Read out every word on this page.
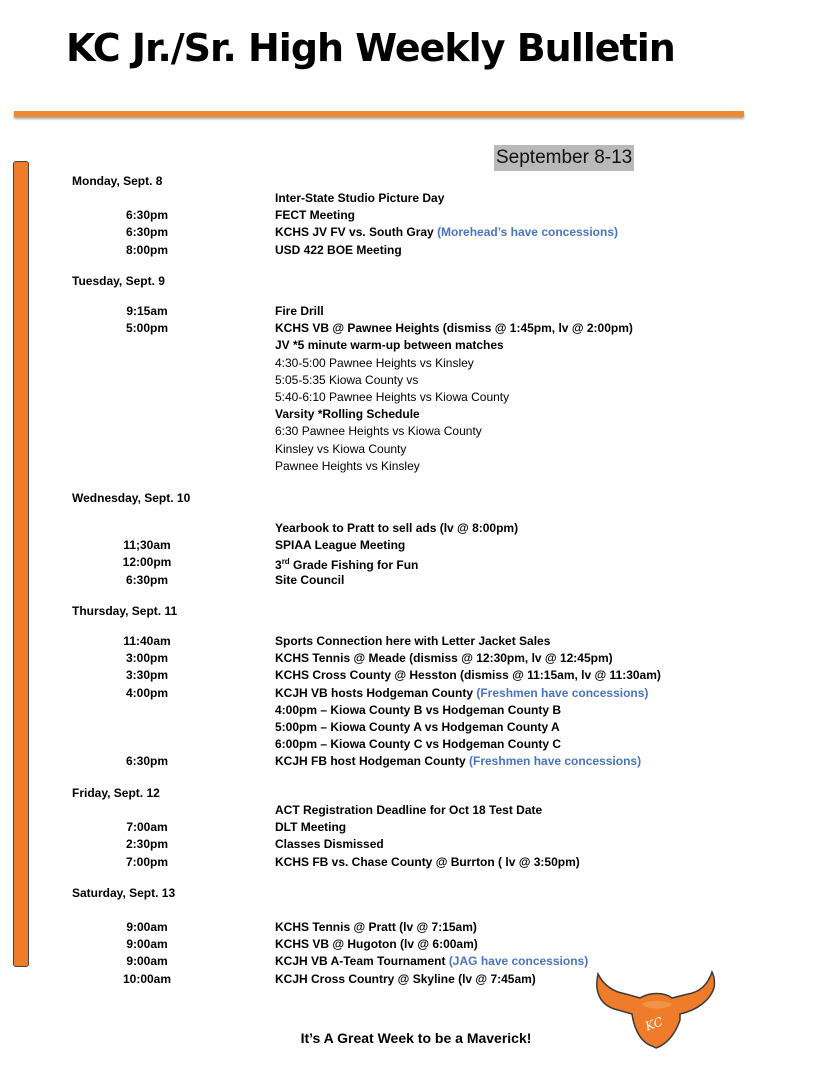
KC Jr./Sr. High Weekly Bulletin
September 8-13
Monday, Sept. 8
Inter-State Studio Picture Day
6:30pm	FECT Meeting
6:30pm	KCHS JV FV vs. South Gray (Morehead’s have concessions)
8:00pm	USD 422 BOE Meeting
Tuesday, Sept. 9
9:15am	Fire Drill
5:00pm	KCHS VB @ Pawnee Heights (dismiss @ 1:45pm, lv @ 2:00pm)
JV *5 minute warm-up between matches
4:30-5:00 Pawnee Heights vs Kinsley
5:05-5:35 Kiowa County vs
5:40-6:10 Pawnee Heights vs Kiowa County
Varsity *Rolling Schedule
6:30 Pawnee Heights vs Kiowa County
Kinsley vs Kiowa County
Pawnee Heights vs Kinsley
Wednesday, Sept. 10
Yearbook to Pratt to sell ads (lv @ 8:00pm)
11;30am	SPIAA League Meeting
12:00pm	3rd Grade Fishing for Fun
6:30pm	Site Council
Thursday, Sept. 11
11:40am	Sports Connection here with Letter Jacket Sales
3:00pm	KCHS Tennis @ Meade (dismiss @ 12:30pm, lv @ 12:45pm)
3:30pm	KCHS Cross County @ Hesston (dismiss @ 11:15am, lv @ 11:30am)
4:00pm	KCJH VB hosts Hodgeman County (Freshmen have concessions)
4:00pm – Kiowa County B vs Hodgeman County B
5:00pm – Kiowa County A vs Hodgeman County A
6:00pm – Kiowa County C vs Hodgeman County C
6:30pm	KCJH FB host Hodgeman County (Freshmen have concessions)
Friday, Sept. 12
ACT Registration Deadline for Oct 18 Test Date
7:00am	DLT Meeting
2:30pm	Classes Dismissed
7:00pm	KCHS FB vs. Chase County @ Burrton ( lv @ 3:50pm)
Saturday, Sept. 13
9:00am	KCHS Tennis @ Pratt (lv @ 7:15am)
9:00am	KCHS VB @ Hugoton (lv @ 6:00am)
9:00am	KCJH VB A-Team Tournament (JAG have concessions)
10:00am	KCJH Cross Country @ Skyline (lv @ 7:45am)
It’s A Great Week to be a Maverick!
KC
